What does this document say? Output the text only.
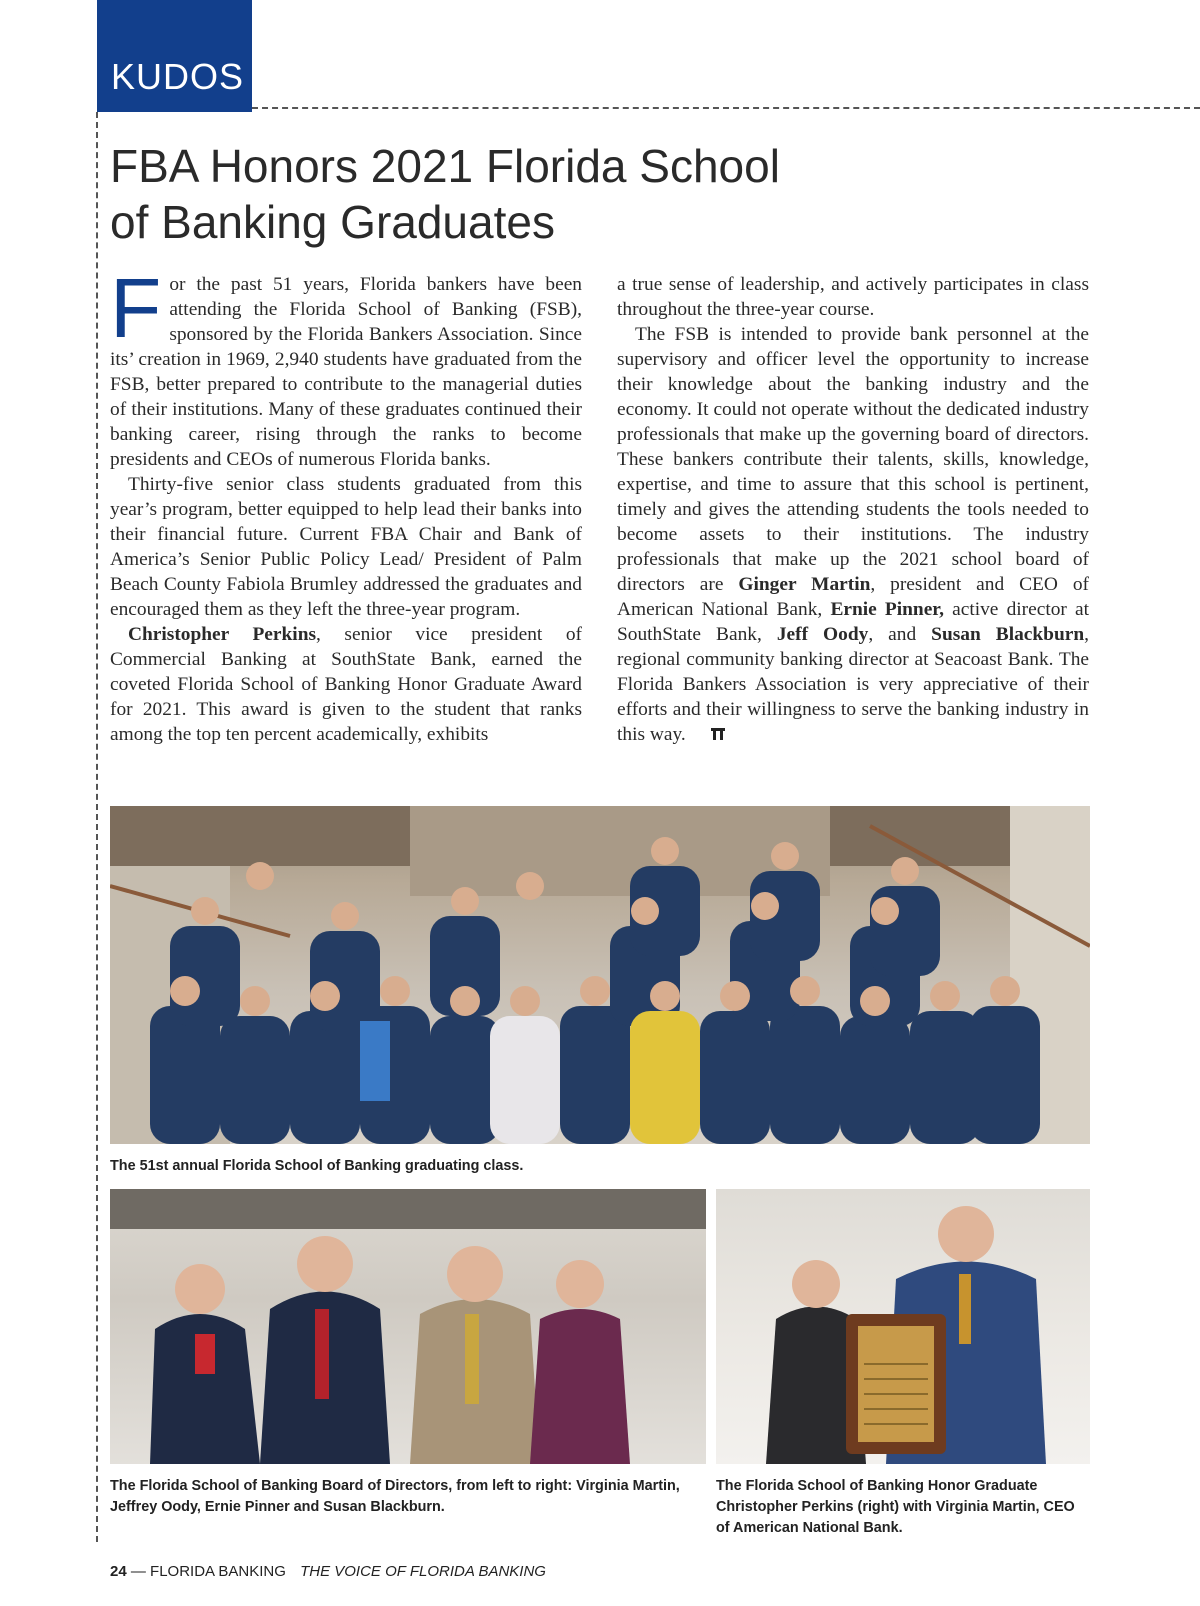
KUDOS
FBA Honors 2021 Florida School
of Banking Graduates

For the past 51 years, Florida bankers have been attending the Florida School of Banking (FSB), sponsored by the Florida Bankers Association. Since its’ creation in 1969, 2,940 students have graduated from the FSB, better prepared to contribute to the managerial duties of their institutions. Many of these graduates continued their banking career, rising through the ranks to become presidents and CEOs of numerous Florida banks.

Thirty-five senior class students graduated from this year’s program, better equipped to help lead their banks into their financial future. Current FBA Chair and Bank of America’s Senior Public Policy Lead/ President of Palm Beach County Fabiola Brumley addressed the graduates and encouraged them as they left the three-year program.

Christopher Perkins, senior vice president of Commercial Banking at SouthState Bank, earned the coveted Florida School of Banking Honor Graduate Award for 2021. This award is given to the student that ranks among the top ten percent academically, exhibits

a true sense of leadership, and actively participates in class throughout the three-year course.

The FSB is intended to provide bank personnel at the supervisory and officer level the opportunity to increase their knowledge about the banking industry and the economy. It could not operate without the dedicated industry professionals that make up the governing board of directors. These bankers contribute their talents, skills, knowledge, expertise, and time to assure that this school is pertinent, timely and gives the attending students the tools needed to become assets to their institutions. The industry professionals that make up the 2021 school board of directors are Ginger Martin, president and CEO of American National Bank, Ernie Pinner, active director at SouthState Bank, Jeff Oody, and Susan Blackburn, regional community banking director at Seacoast Bank. The Florida Bankers Association is very appreciative of their efforts and their willingness to serve the banking industry in this way.

The 51st annual Florida School of Banking graduating class.
The Florida School of Banking Board of Directors, from left to right: Virginia Martin, Jeffrey Oody, Ernie Pinner and Susan Blackburn.
The Florida School of Banking Honor Graduate Christopher Perkins (right) with Virginia Martin, CEO of American National Bank.
24 — FLORIDA BANKING THE VOICE OF FLORIDA BANKING
